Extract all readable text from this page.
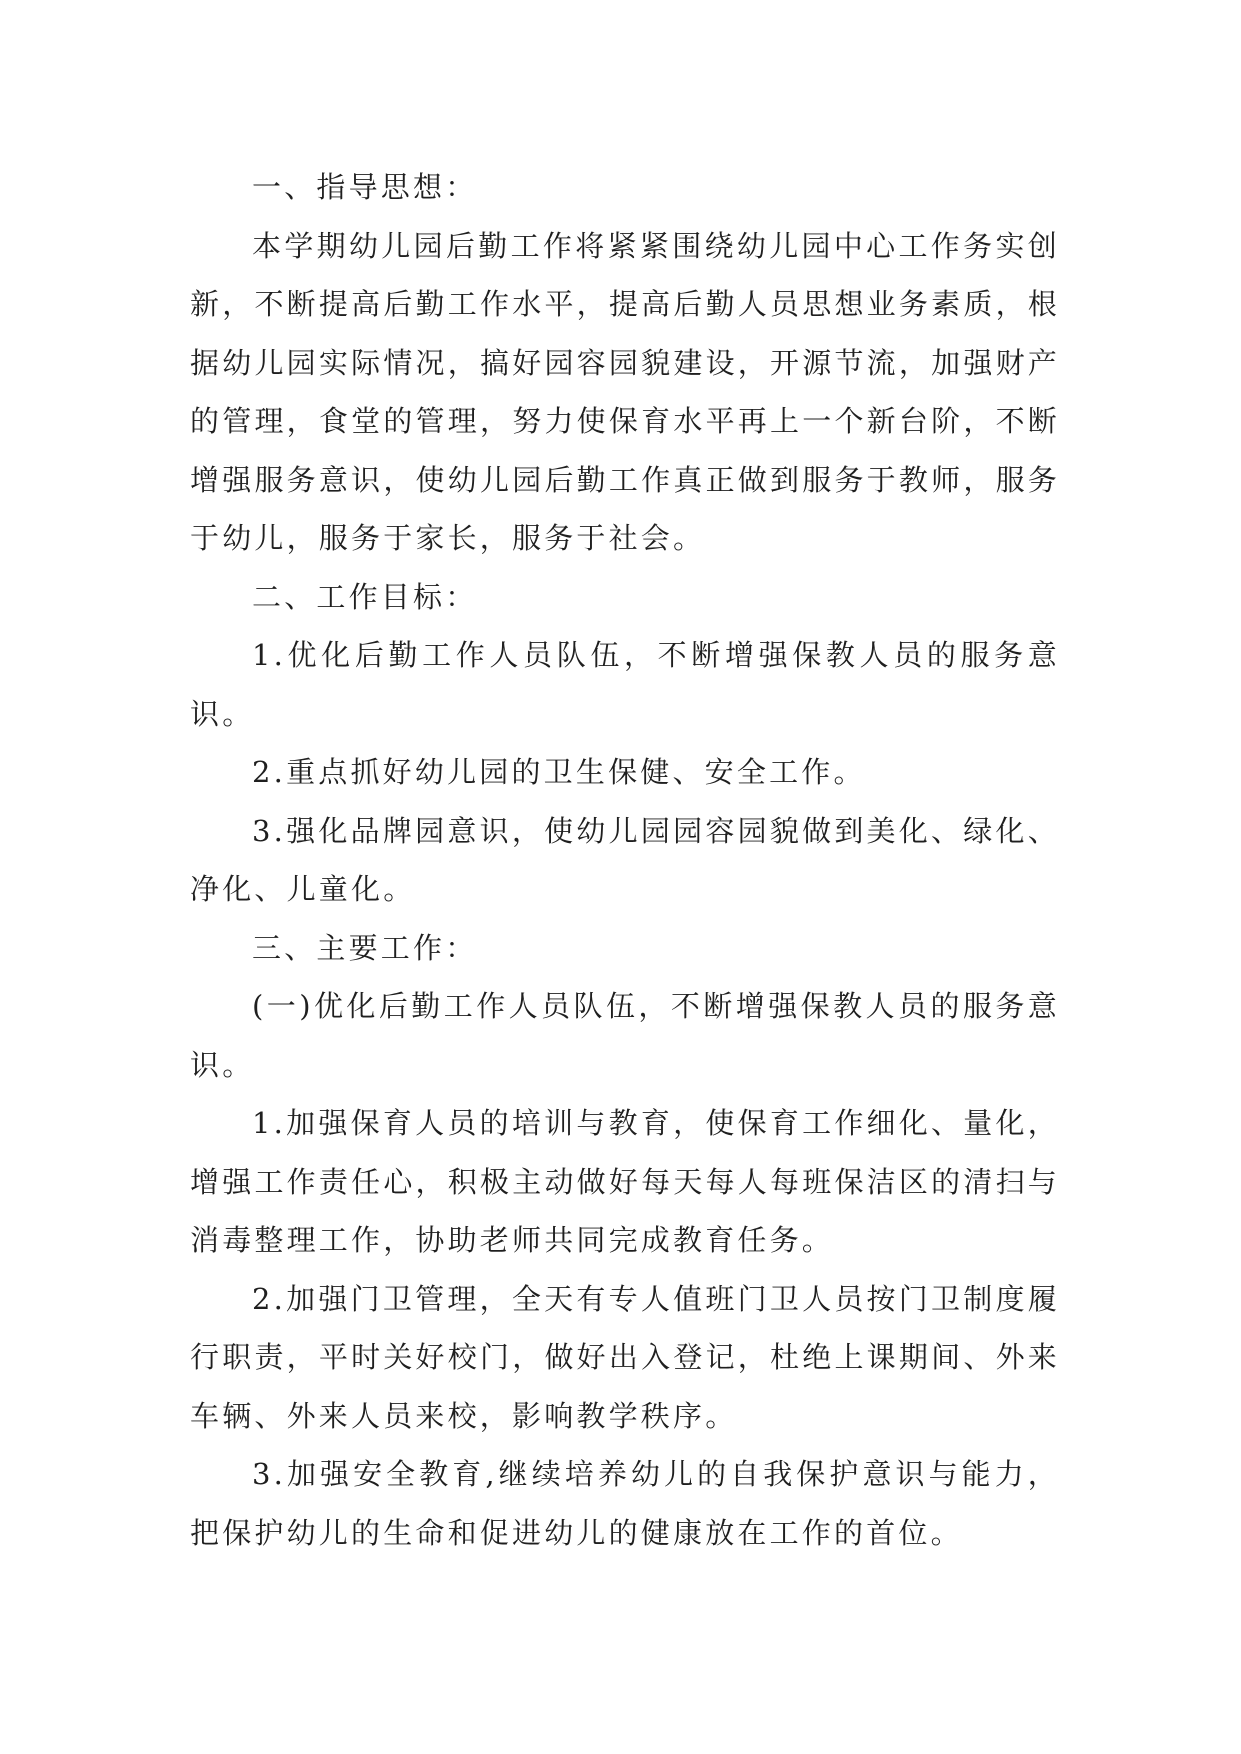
一、指导思想：

本学期幼儿园后勤工作将紧紧围绕幼儿园中心工作务实创新，不断提高后勤工作水平，提高后勤人员思想业务素质，根据幼儿园实际情况，搞好园容园貌建设，开源节流，加强财产的管理，食堂的管理，努力使保育水平再上一个新台阶，不断增强服务意识，使幼儿园后勤工作真正做到服务于教师，服务于幼儿，服务于家长，服务于社会。

二、工作目标：

1.优化后勤工作人员队伍，不断增强保教人员的服务意识。

2.重点抓好幼儿园的卫生保健、安全工作。

3.强化品牌园意识，使幼儿园园容园貌做到美化、绿化、净化、儿童化。

三、主要工作：

(一)优化后勤工作人员队伍，不断增强保教人员的服务意识。

1.加强保育人员的培训与教育，使保育工作细化、量化，增强工作责任心，积极主动做好每天每人每班保洁区的清扫与消毒整理工作，协助老师共同完成教育任务。

2.加强门卫管理，全天有专人值班门卫人员按门卫制度履行职责，平时关好校门，做好出入登记，杜绝上课期间、外来车辆、外来人员来校，影响教学秩序。

3.加强安全教育,继续培养幼儿的自我保护意识与能力，把保护幼儿的生命和促进幼儿的健康放在工作的首位。
